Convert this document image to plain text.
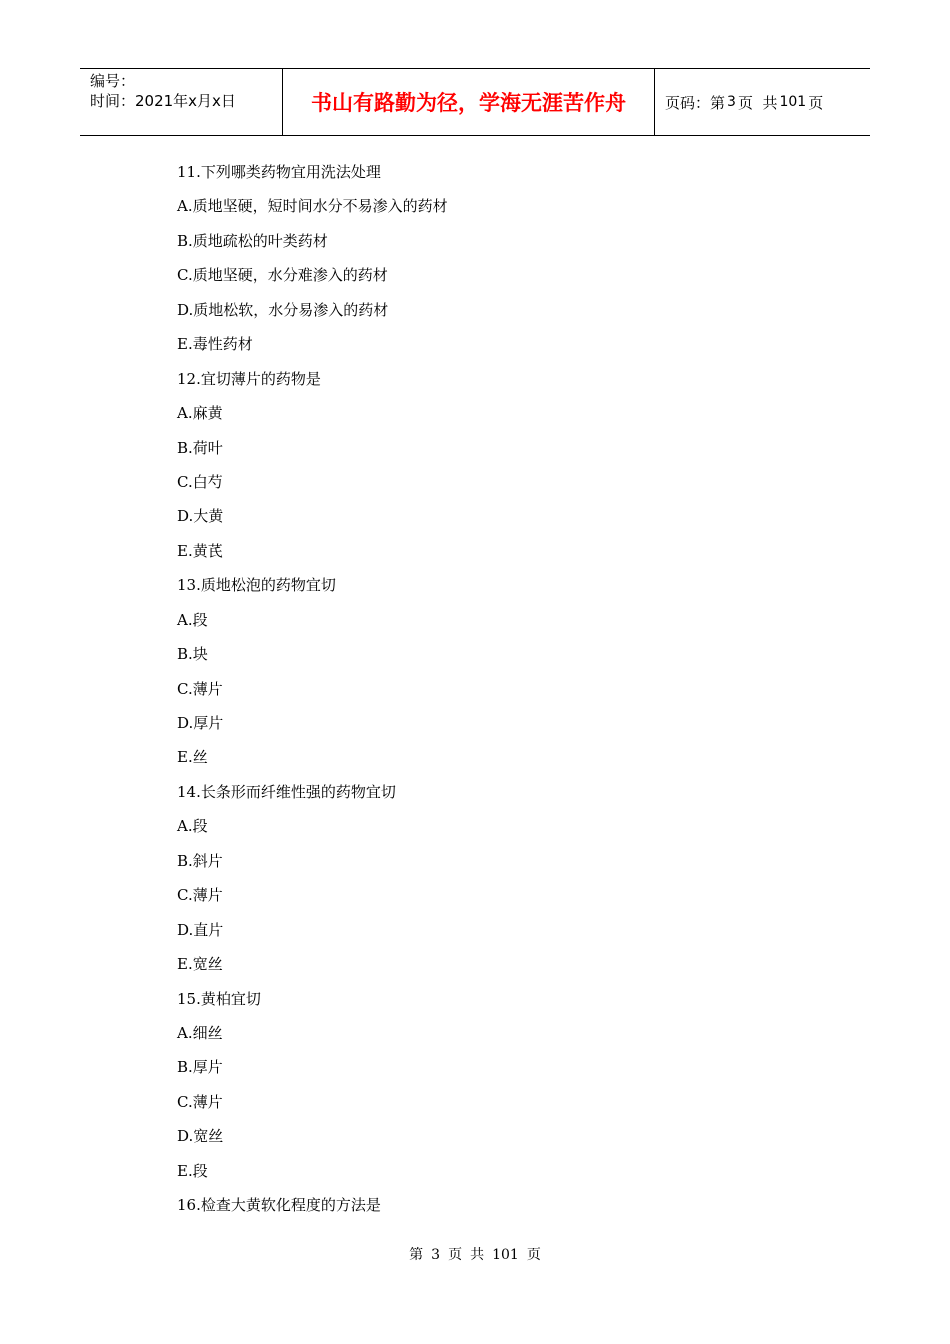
编号：
时间：2021年x月x日	书山有路勤为径，学海无涯苦作舟	页码：第 3 页  共 101 页
11.下列哪类药物宜用洗法处理
A.质地坚硬，短时间水分不易渗入的药材
B.质地疏松的叶类药材
C.质地坚硬，水分难渗入的药材
D.质地松软，水分易渗入的药材
E.毒性药材
12.宜切薄片的药物是
A.麻黄
B.荷叶
C.白芍
D.大黄
E.黄芪
13.质地松泡的药物宜切
A.段
B.块
C.薄片
D.厚片
E.丝
14.长条形而纤维性强的药物宜切
A.段
B.斜片
C.薄片
D.直片
E.宽丝
15.黄柏宜切
A.细丝
B.厚片
C.薄片
D.宽丝
E.段
16.检查大黄软化程度的方法是
第 3 页 共 101 页
